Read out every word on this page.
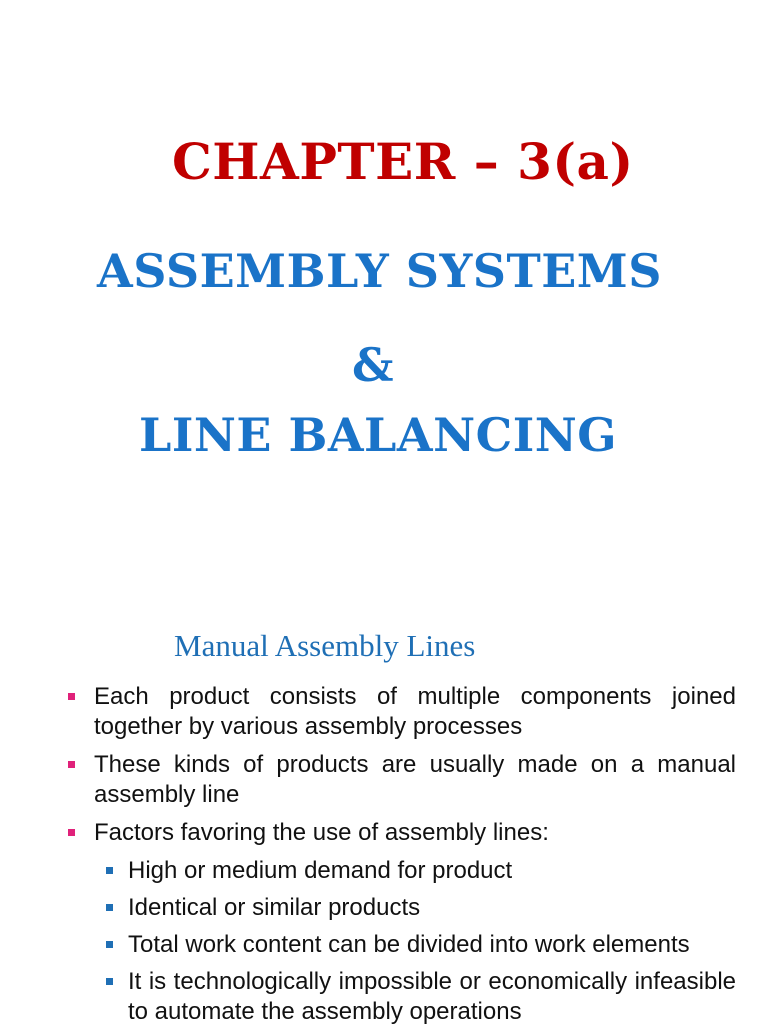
CHAPTER – 3(a)
ASSEMBLY SYSTEMS
&
LINE BALANCING
Manual Assembly Lines
Each product consists of multiple components joined together by various assembly processes
These kinds of products are usually made on a manual assembly line
Factors favoring the use of assembly lines:
High or medium demand for product
Identical or similar products
Total work content can be divided into work elements
It is technologically impossible or economically infeasible to automate the assembly operations
